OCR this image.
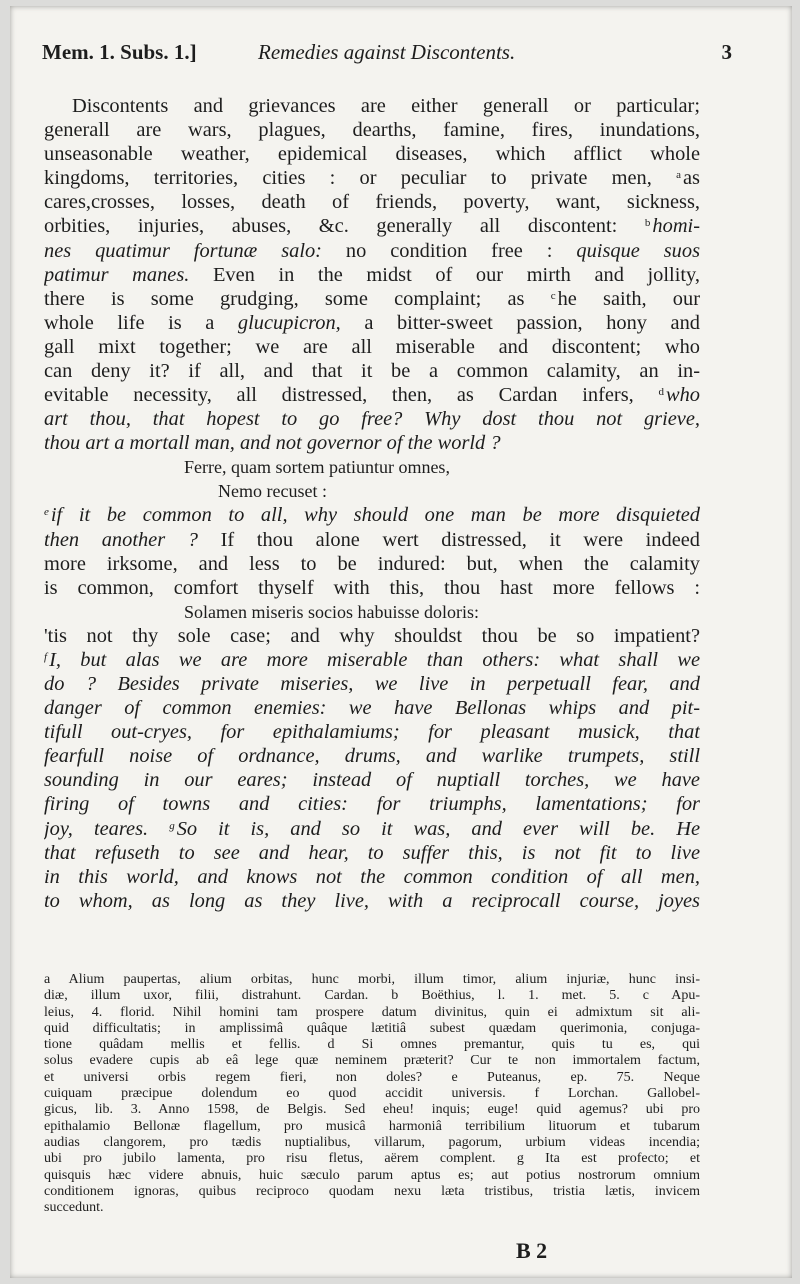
Mem. 1. Subs. 1.]	Remedies against Discontents.	3
Discontents and grievances are either generall or particular;
generall are wars, plagues, dearths, famine, fires, inundations,
unseasonable weather, epidemical diseases, which afflict whole
kingdoms, territories, cities : or peculiar to private men, $^a$as
cares,crosses, losses, death of friends, poverty, want, sickness,
orbities, injuries, abuses, &c. generally all discontent:	$^b$homi-
nes quatimur fortunæ salo: no condition free : quisque suos
patimur manes. Even in the midst of our mirth and jollity,
there is some grudging, some complaint; as $^c$he saith, our
whole life is a glucupicron, a bitter-sweet passion, hony and
gall mixt together; we are all miserable and discontent; who
can deny it? if all, and that it be a common calamity, an in-
evitable necessity, all distressed, then, as Cardan infers, $^d$who
art thou, that hopest to go free? Why dost thou not grieve,
thou art a mortall man, and not governor of the world ?
Ferre, quam sortem patiuntur omnes,
Nemo recuset :
$^e$if it be common to all, why should one man be more disquieted
then another ? If thou alone wert distressed, it were indeed
more irksome, and less to be indured: but, when the calamity
is common, comfort thyself with this, thou hast more fellows :
Solamen miseris socios habuisse doloris:
'tis not thy sole case; and why shouldst thou be so impatient?
$^f$I, but alas we are more miserable than others: what shall we
do ? Besides private miseries, we live in perpetuall fear, and
danger of common enemies: we have Bellonas whips and pit-
tifull out-cryes, for epithalamiums; for pleasant musick, that
fearfull noise of ordnance, drums, and warlike trumpets, still
sounding in our eares; instead of nuptiall torches, we have
firing of towns and cities: for triumphs, lamentations; for
joy, teares. $^g$So it is, and so it was, and ever will be. He
that refuseth to see and hear, to suffer this, is not fit to live
in this world, and knows not the common condition of all men,
to whom, as long as they live, with a reciprocall course, joyes
a Alium paupertas, alium orbitas, hunc morbi, illum timor, alium injuriæ, hunc insi-
diæ, illum uxor, filii, distrahunt. Cardan. b Boëthius, l. 1. met. 5. c Apu-
leius, 4. florid. Nihil homini tam prospere datum divinitus, quin ei admixtum sit ali-
quid difficultatis; in amplissimâ quâque lætitiâ subest quædam querimonia, conjuga-
tione quâdam mellis et fellis. d Si omnes premantur, quis tu es, qui
solus evadere cupis ab eâ lege quæ neminem præterit? Cur te non immortalem factum,
et universi orbis regem fieri, non doles? e Puteanus, ep. 75. Neque
cuiquam præcipue dolendum eo quod accidit universis. f Lorchan. Gallobel-
gicus, lib. 3. Anno 1598, de Belgis. Sed eheu! inquis; euge! quid agemus? ubi pro
epithalamio Bellonæ flagellum, pro musicâ harmoniâ terribilium lituorum et tubarum
audias clangorem, pro tædis nuptialibus, villarum, pagorum, urbium videas incendia;
ubi pro jubilo lamenta, pro risu fletus, aërem complent. g Ita est profecto; et
quisquis hæc videre abnuis, huic sæculo parum aptus es; aut potius nostrorum omnium
conditionem ignoras, quibus reciproco quodam nexu læta tristibus, tristia lætis, invicem
succedunt.
B 2
